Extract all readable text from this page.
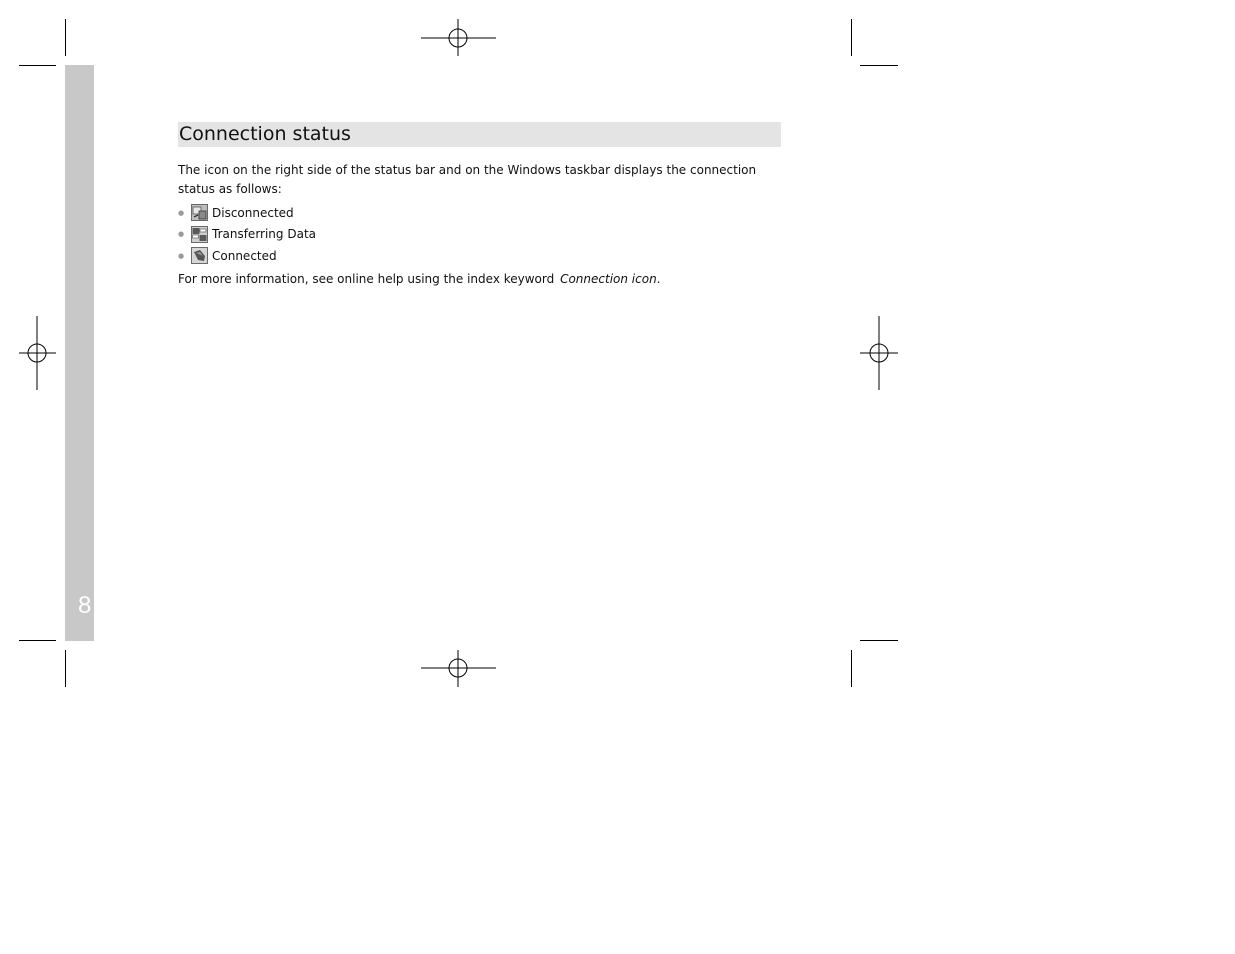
8
Connection status

The icon on the right side of the status bar and on the Windows taskbar displays the connection status as follows:

●	Disconnected
●	Transferring Data
●	Connected

For more information, see online help using the index keyword Connection icon.
